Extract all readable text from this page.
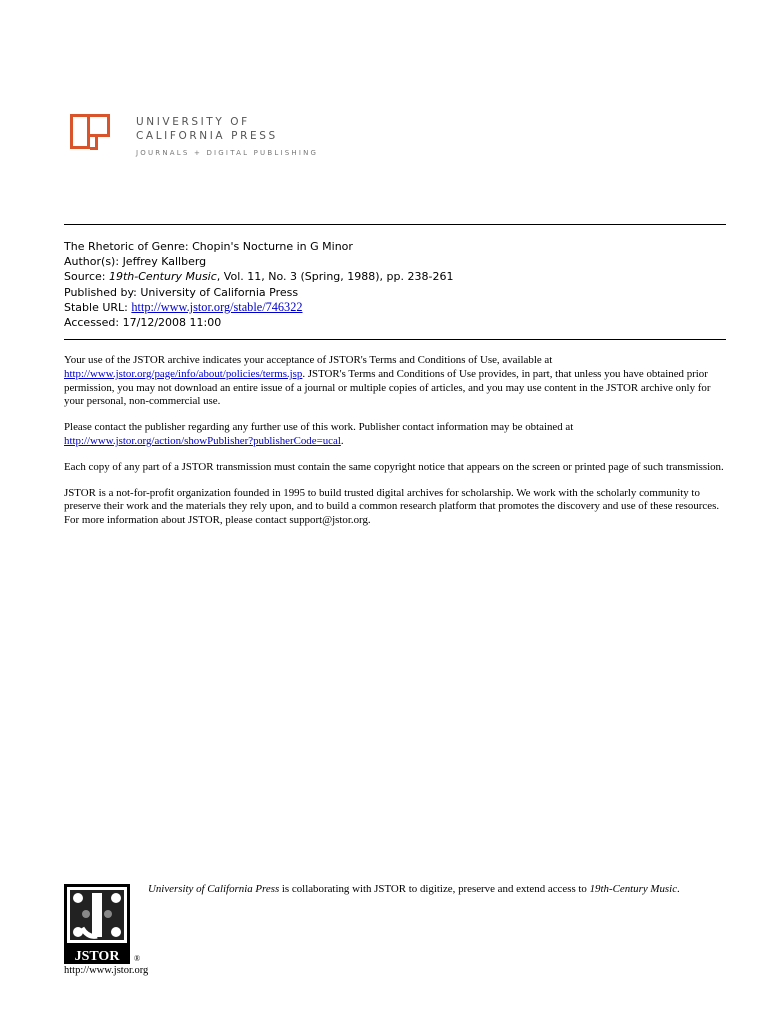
UNIVERSITY OF
CALIFORNIA PRESS
JOURNALS + DIGITAL PUBLISHING
The Rhetoric of Genre: Chopin's Nocturne in G Minor
Author(s): Jeffrey Kallberg
Source: 19th-Century Music, Vol. 11, No. 3 (Spring, 1988), pp. 238-261
Published by: University of California Press
Stable URL: http://www.jstor.org/stable/746322
Accessed: 17/12/2008 11:00

Your use of the JSTOR archive indicates your acceptance of JSTOR's Terms and Conditions of Use, available at
http://www.jstor.org/page/info/about/policies/terms.jsp. JSTOR's Terms and Conditions of Use provides, in part, that unless you have obtained prior permission, you may not download an entire issue of a journal or multiple copies of articles, and you may use content in the JSTOR archive only for your personal, non-commercial use.

Please contact the publisher regarding any further use of this work. Publisher contact information may be obtained at
http://www.jstor.org/action/showPublisher?publisherCode=ucal.

Each copy of any part of a JSTOR transmission must contain the same copyright notice that appears on the screen or printed page of such transmission.

JSTOR is a not-for-profit organization founded in 1995 to build trusted digital archives for scholarship. We work with the scholarly community to preserve their work and the materials they rely upon, and to build a common research platform that promotes the discovery and use of these resources. For more information about JSTOR, please contact support@jstor.org.

JSTOR ®
University of California Press is collaborating with JSTOR to digitize, preserve and extend access to 19th-Century Music.
http://www.jstor.org
